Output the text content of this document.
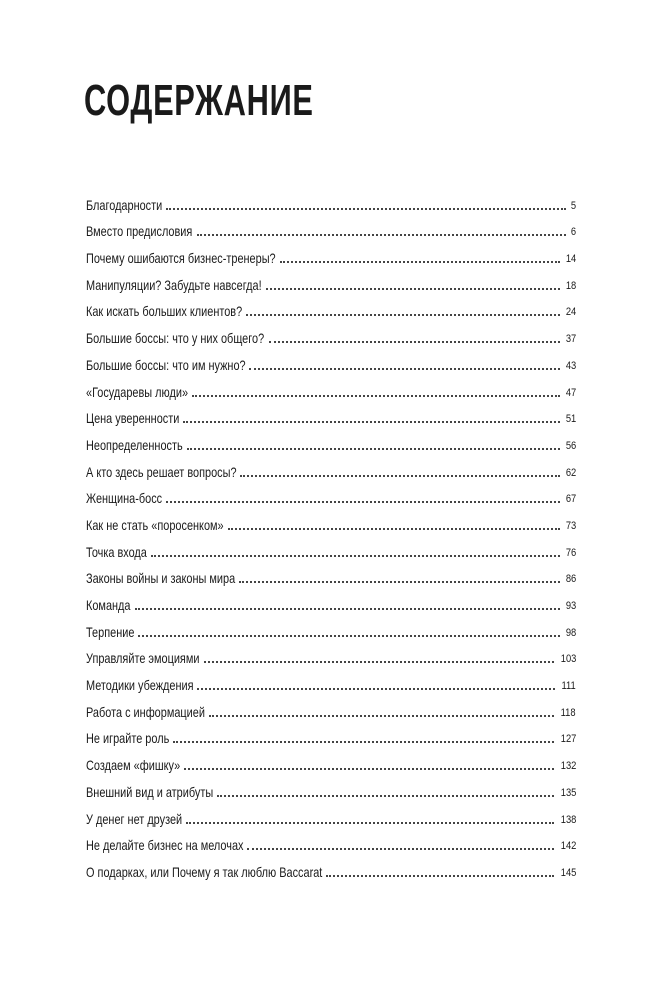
СОДЕРЖАНИЕ
Благодарности	5
Вместо предисловия	6
Почему ошибаются бизнес-тренеры?	14
Манипуляции? Забудьте навсегда!	18
Как искать больших клиентов?	24
Большие боссы: что у них общего?	37
Большие боссы: что им нужно?	43
«Государевы люди»	47
Цена уверенности	51
Неопределенность	56
А кто здесь решает вопросы?	62
Женщина-босс	67
Как не стать «поросенком»	73
Точка входа	76
Законы войны и законы мира	86
Команда	93
Терпение	98
Управляйте эмоциями	103
Методики убеждения	111
Работа с информацией	118
Не играйте роль	127
Создаем «фишку»	132
Внешний вид и атрибуты	135
У денег нет друзей	138
Не делайте бизнес на мелочах	142
О подарках, или Почему я так люблю Baccarat	145
